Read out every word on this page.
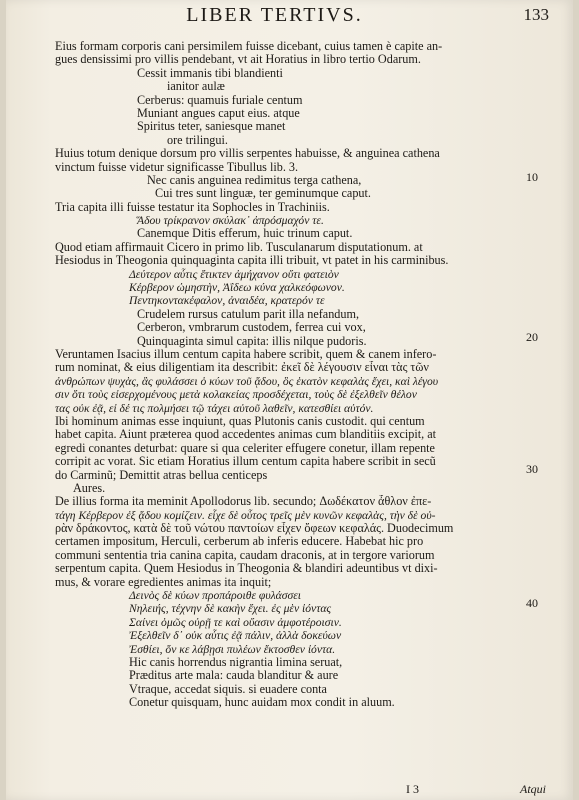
LIBER TERTIVS.	133
Eius formam corporis cani persimilem fuisse dicebant, cuius tamen è capite an-
gues densissimi pro villis pendebant, vt ait Horatius in libro tertio Odarum.
Cessit immanis tibi blandienti
ianitor aulæ
Cerberus: quamuis furiale centum
Muniant angues caput eius. atque
Spiritus teter, saniesque manet
ore trilingui.
Huius totum denique dorsum pro villis serpentes habuisse, & anguinea cathena
vinctum fuisse videtur significasse Tibullus lib. 3.
Nec canis anguinea redimitus terga cathena,
Cui tres sunt linguæ, ter geminumque caput.
Tria capita illi fuisse testatur ita Sophocles in Trachiniis.
Ἅδου τρίκρανον σκύλακ᾽ ἀπρόσμαχόν τε.
Canemque Ditis efferum, huic trinum caput.
Quod etiam affirmauit Cicero in primo lib. Tusculanarum disputationum. at
Hesiodus in Theogonia quinquaginta capita illi tribuit, vt patet in his carminibus.
Δεύτερον αὖτις ἔτικτεν ἀμήχανον οὔτι φατειὸν
Κέρβερον ὠμηστὴν, Ἀΐδεω κύνα χαλκεόφωνον.
Πεντηκοντακέφαλον, ἀναιδέα, κρατερόν τε
Crudelem rursus catulum parit illa nefandum,
Cerberon, vmbrarum custodem, ferrea cui vox,
Quinquaginta simul capita: illis nilque pudoris.
Veruntamen Isacius illum centum capita habere scribit, quem & canem infero-
rum nominat, & eius diligentiam ita describit: ἐκεῖ δὲ λέγουσιν εἶναι τὰς τῶν
ἀνθρώπων ψυχὰς, ἃς φυλάσσει ὁ κύων τοῦ ᾅδου, ὃς ἑκατὸν κεφαλὰς ἔχει, καὶ λέγου
σιν ὅτι τοὺς εἰσερχομένους μετὰ κολακείας προσδέχεται, τοὺς δὲ ἐξελθεῖν θέλον
τας οὐκ ἐᾷ, εἰ δέ τις πολμήσει τῷ τάχει αὐτοῦ λαθεῖν, κατεσθίει αὐτόν.
Ibi hominum animas esse inquiunt, quas Plutonis canis custodit. qui centum
habet capita. Aiunt præterea quod accedentes animas cum blanditiis excipit, at
egredi conantes deturbat: quare si qua celeriter effugere conetur, illam repente
corripit ac vorat. Sic etiam Horatius illum centum capita habere scribit in secũ
do Carminũ; Demittit atras bellua centiceps
Aures.
De illius forma ita meminit Apollodorus lib. secundo; Δωδέκατον ἆθλον ἐπε-
τάγη Κέρβερον ἐξ ᾅδου κομίζειν. εἶχε δὲ οὗτος τρεῖς μὲν κυνῶν κεφαλὰς, τὴν δὲ οὐ-
ρὰν δράκοντος, κατὰ δὲ τοῦ νώτου παντοίων εἶχεν ὄφεων κεφαλάς. Duodecimum
certamen impositum, Herculi, cerberum ab inferis educere. Habebat hic pro
communi sententia tria canina capita, caudam draconis, at in tergore variorum
serpentum capita. Quem Hesiodus in Theogonia & blandiri adeuntibus vt dixi-
mus, & vorare egredientes animas ita inquit;
Δεινὸς δὲ κύων προπάροιθε φυλάσσει
Νηλειής, τέχνην δὲ κακὴν ἔχει. ἐς μὲν ἰόντας
Σαίνει ὁμῶς οὐρῇ τε καὶ οὔασιν ἀμφοτέροισιν.
Ἐξελθεῖν δ᾽ οὐκ αὖτις ἐᾷ πάλιν, ἀλλὰ δοκεύων
Ἐσθίει, ὅν κε λάβῃσι πυλέων ἔκτοσθεν ἰόντα.
Hic canis horrendus nigrantia limina seruat,
Præditus arte mala: cauda blanditur & aure
Vtraque, accedat siquis. si euadere conta
Conetur quisquam, hunc auidam mox condit in aluum.
10
20
30
40
I 3	Atqui
